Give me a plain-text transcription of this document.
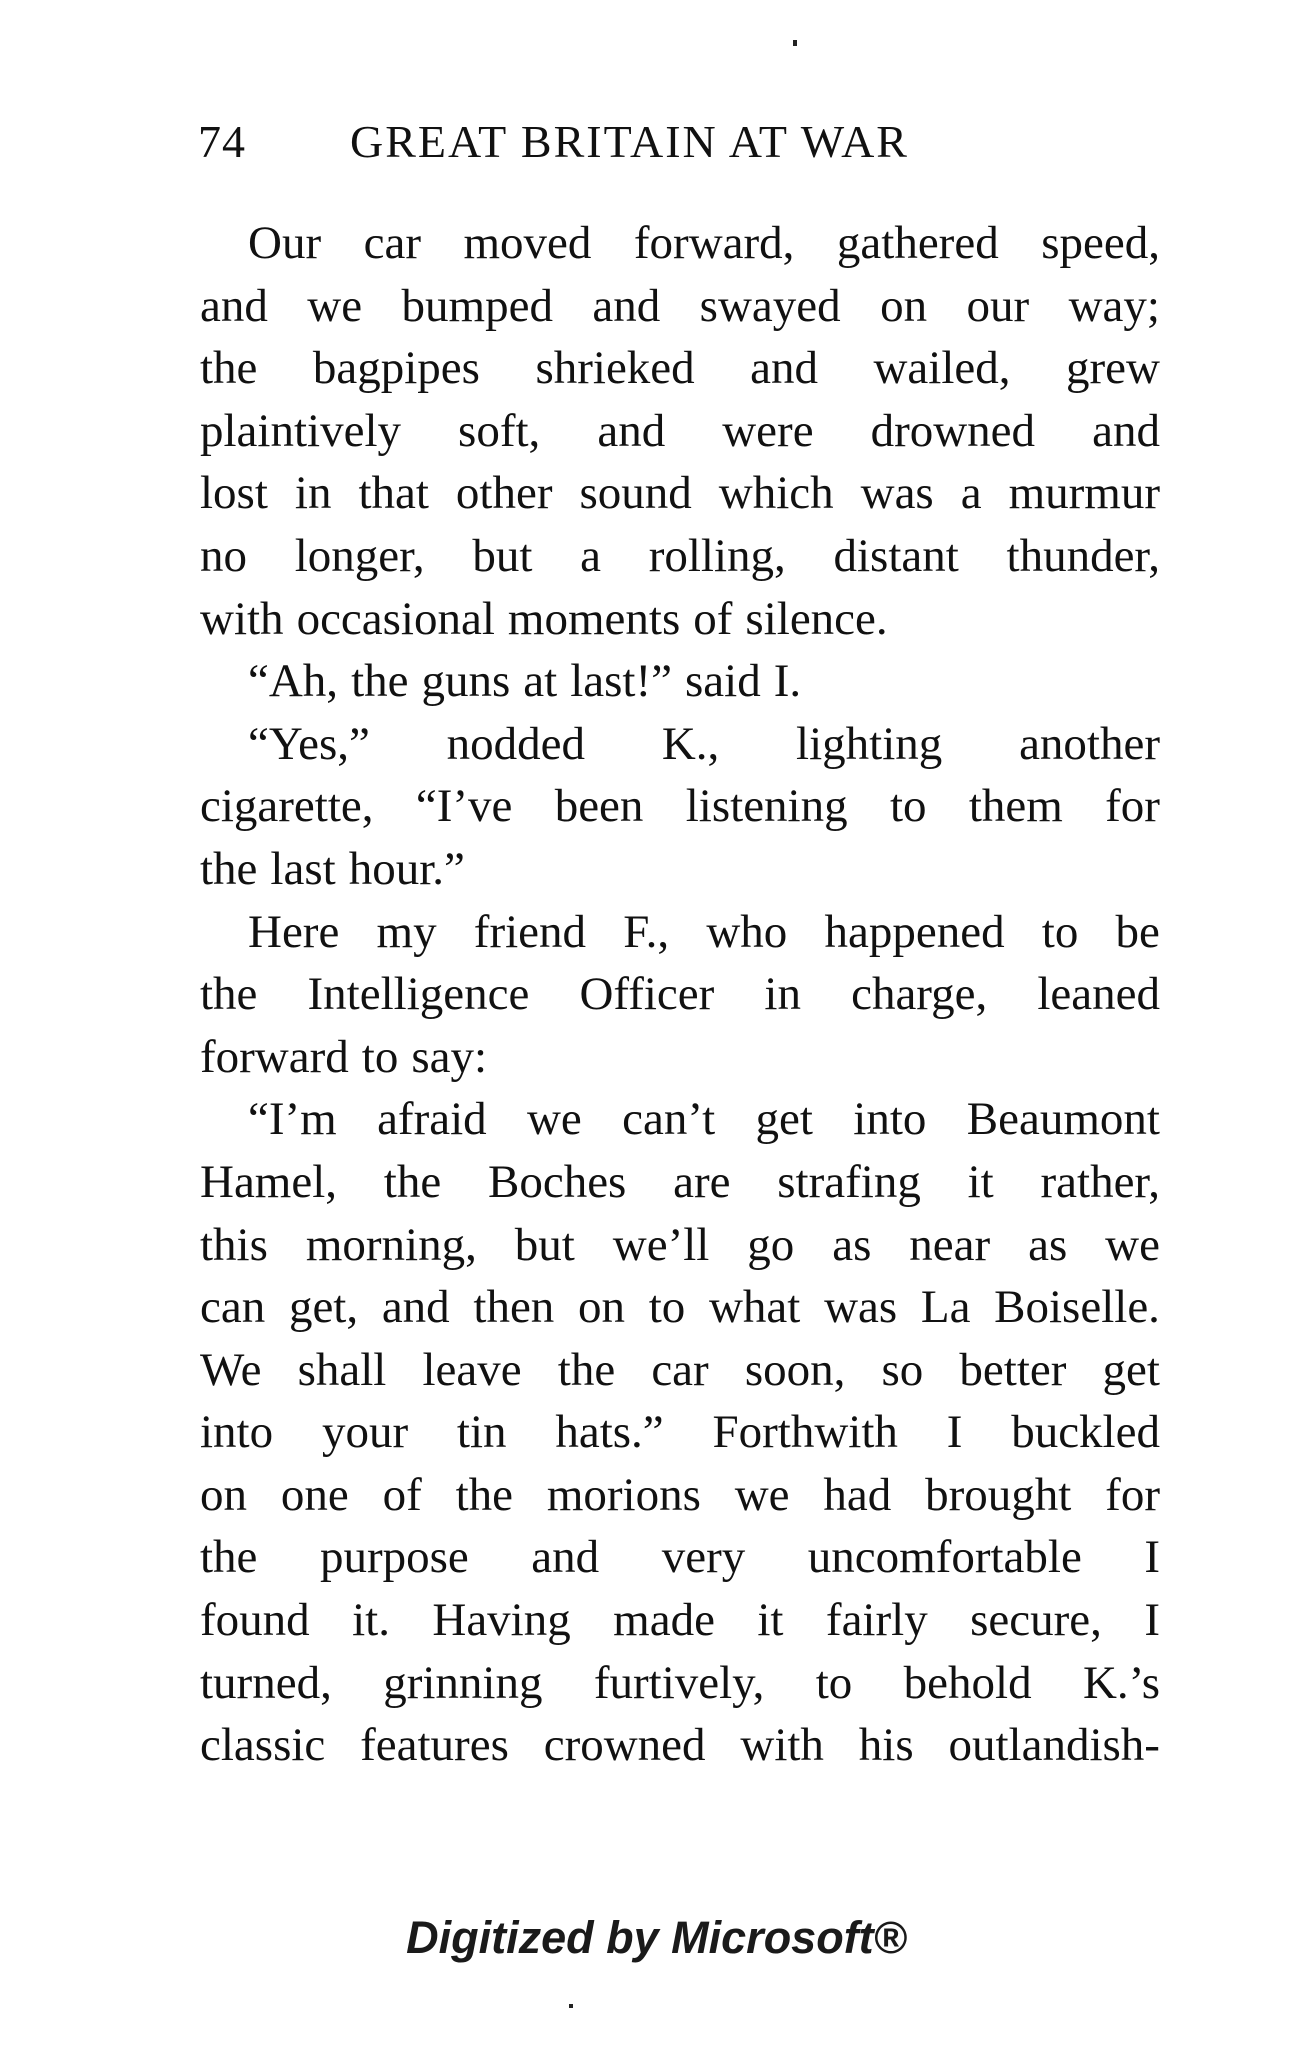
74 GREAT BRITAIN AT WAR
Our car moved forward, gathered speed,
and we bumped and swayed on our way;
the bagpipes shrieked and wailed, grew
plaintively soft, and were drowned and
lost in that other sound which was a murmur
no longer, but a rolling, distant thunder,
with occasional moments of silence.
“Ah, the guns at last!” said I.
“Yes,” nodded K., lighting another
cigarette, “I’ve been listening to them for
the last hour.”
Here my friend F., who happened to be
the Intelligence Officer in charge, leaned
forward to say:
“I’m afraid we can’t get into Beaumont
Hamel, the Boches are strafing it rather,
this morning, but we’ll go as near as we
can get, and then on to what was La Boiselle.
We shall leave the car soon, so better get
into your tin hats.” Forthwith I buckled
on one of the morions we had brought for
the purpose and very uncomfortable I
found it. Having made it fairly secure, I
turned, grinning furtively, to behold K.’s
classic features crowned with his outlandish-
Digitized by Microsoft®
